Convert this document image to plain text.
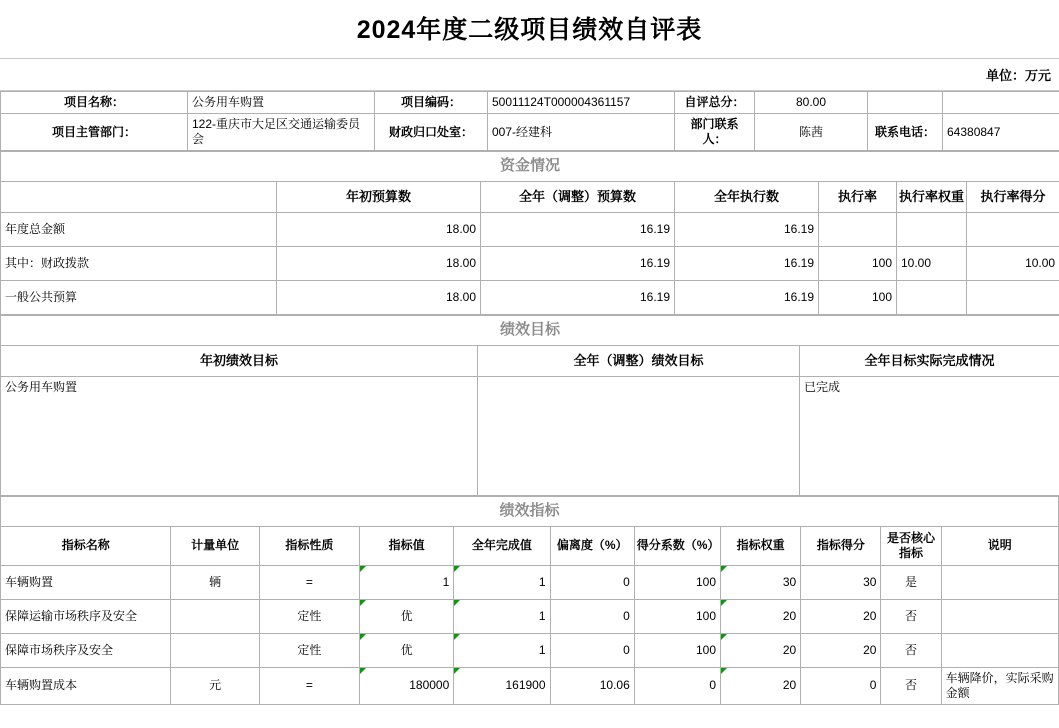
2024年度二级项目绩效自评表
单位：万元
项目名称：	公务用车购置	项目编码：	50011124T000004361157	自评总分：	80.00		
项目主管部门：	122-重庆市大足区交通运输委员会	财政归口处室：	007-经建科	部门联系人：	陈茜	联系电话：	64380847
资金情况						
	年初预算数	全年（调整）预算数	全年执行数	执行率	执行率权重	执行率得分
年度总金额	18.00	16.19	16.19			
其中：财政拨款	18.00	16.19	16.19	100	10.00	10.00
一般公共预算	18.00	16.19	16.19	100		
绩效目标		
年初绩效目标	全年（调整）绩效目标	全年目标实际完成情况
公务用车购置		已完成
绩效指标										
指标名称	计量单位	指标性质	指标值	全年完成值	偏离度（%）	得分系数（%）	指标权重	指标得分	是否核心指标	说明
车辆购置	辆	=	1	1	0	100	30	30	是	
保障运输市场秩序及安全		定性	优	1	0	100	20	20	否	
保障市场秩序及安全		定性	优	1	0	100	20	20	否	
车辆购置成本	元	=	180000	161900	10.06	0	20	0	否	车辆降价，实际采购金额
